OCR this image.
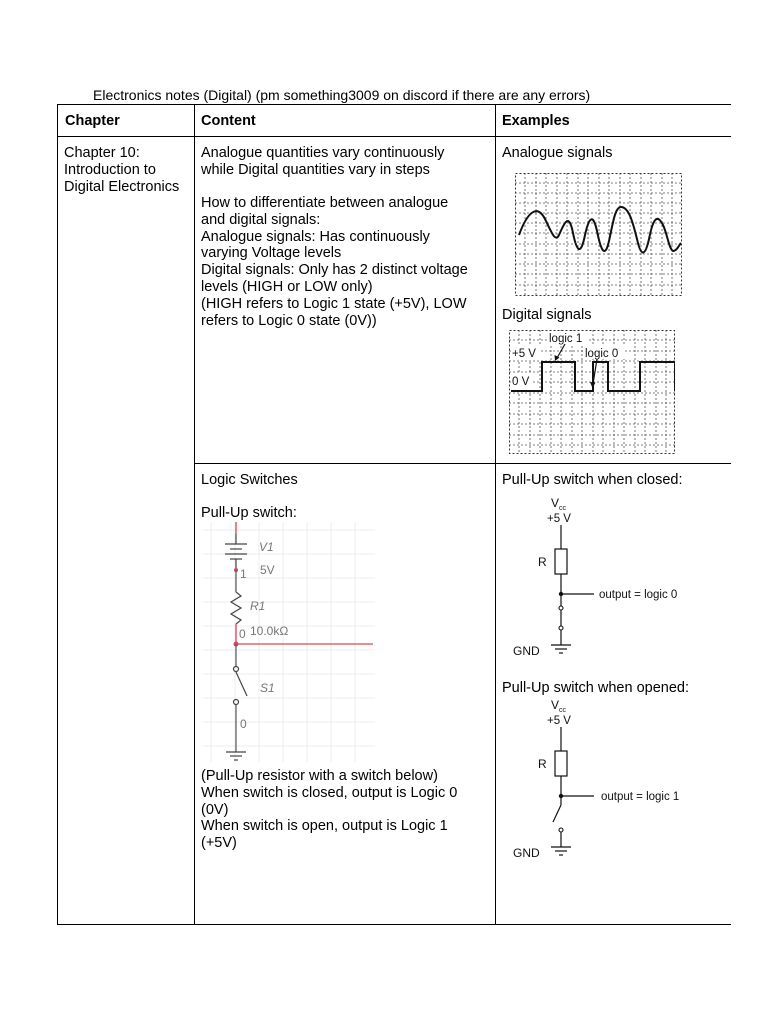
Electronics notes (Digital) (pm something3009 on discord if there are any errors)
Chapter	Content	Examples
Chapter 10:
Introduction to
Digital Electronics
Analogue quantities vary continuously
while Digital quantities vary in steps
How to differentiate between analogue
and digital signals:
Analogue signals: Has continuously
varying Voltage levels
Digital signals: Only has 2 distinct voltage
levels (HIGH or LOW only)
(HIGH refers to Logic 1 state (+5V), LOW
refers to Logic 0 state (0V))
Analogue signals
Digital signals
Logic Switches
Pull-Up switch:
(Pull-Up resistor with a switch below)
When switch is closed, output is Logic 0
(0V)
When switch is open, output is Logic 1
(+5V)
Pull-Up switch when closed:
Pull-Up switch when opened:
+5 V
0 V
logic 1
logic 0
V1
1 5V
R1
0 10.0kΩ
S1
0
$V_{cc}$
+5 V
R
output = logic 0
GND
$V_{cc}$
+5 V
R
output = logic 1
GND
